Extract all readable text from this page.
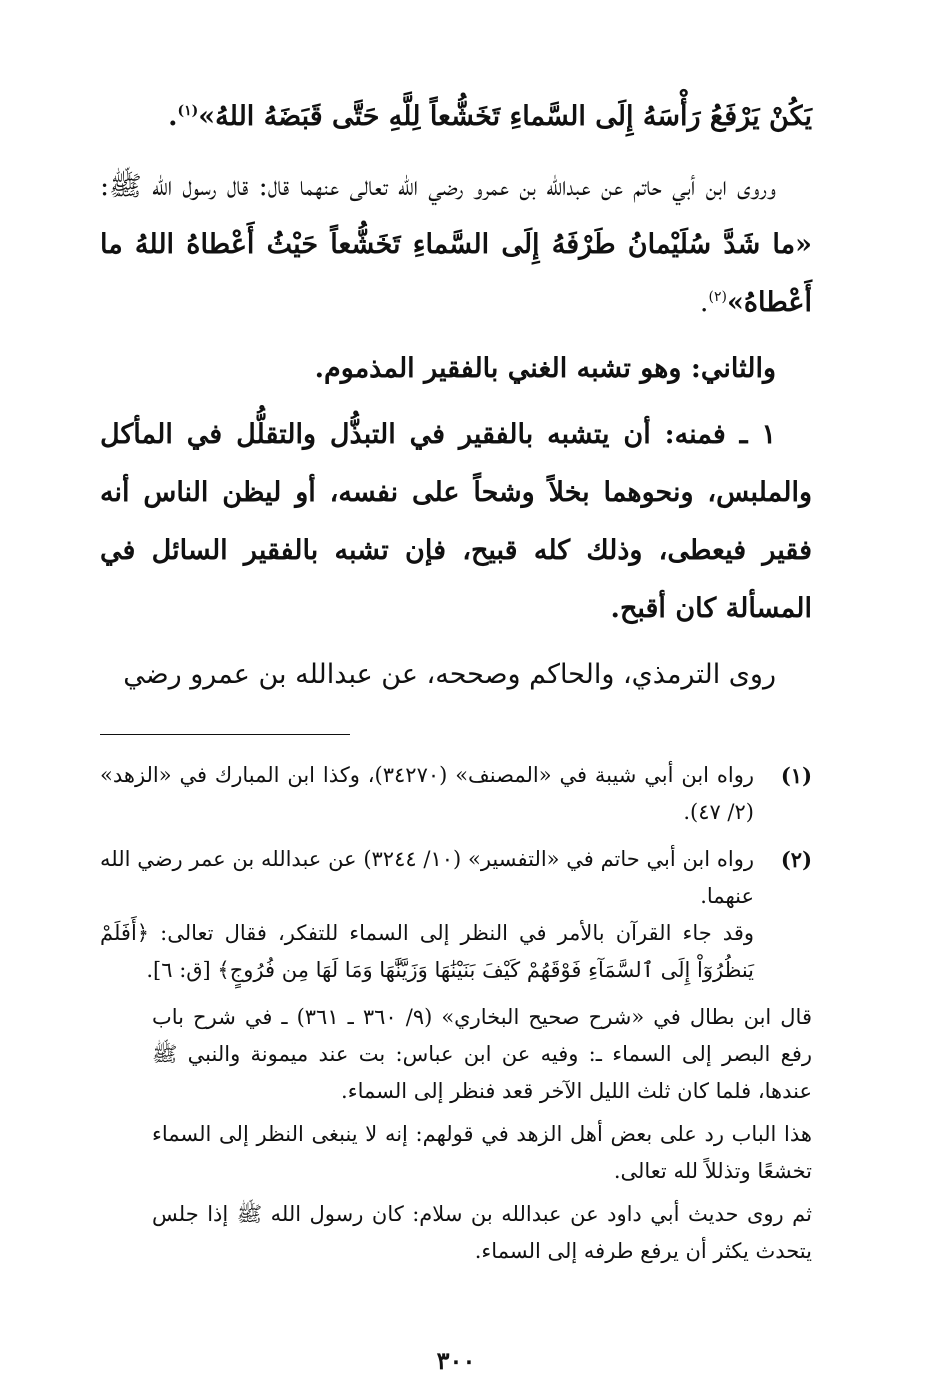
يَكُنْ يَرْفَعُ رَأْسَهُ إِلَى السَّماءِ تَخَشُّعاً لِلَّهِ حَتَّى قَبَضَهُ اللهُ»$^{(١)}$.

وروى ابن أبي حاتم عن عبدالله بن عمرو رضي الله تعالى عنهما قال: قال رسول الله ﷺ: «ما شَدَّ سُلَيْمانُ طَرْفَهُ إِلَى السَّماءِ تَخَشُّعاً حَيْثُ أَعْطاهُ اللهُ ما أَعْطاهُ»$^{(٢)}$.

والثاني: وهو تشبه الغني بالفقير المذموم.

١ ـ فمنه: أن يتشبه بالفقير في التبذُّل والتقلُّل في المأكل والملبس، ونحوهما بخلاً وشحاً على نفسه، أو ليظن الناس أنه فقير فيعطى، وذلك كله قبيح، فإن تشبه بالفقير السائل في المسألة كان أقبح.

روى الترمذي، والحاكم وصححه، عن عبدالله بن عمرو رضي

(١)

رواه ابن أبي شيبة في «المصنف» (٣٤٢٧٠)، وكذا ابن المبارك في «الزهد» (٢/ ٤٧).

(٢)

رواه ابن أبي حاتم في «التفسير» (١٠/ ٣٢٤٤) عن عبدالله بن عمر رضي الله عنهما.

وقد جاء القرآن بالأمر في النظر إلى السماء للتفكر، فقال تعالى: ﴿أَفَلَمْ يَنظُرُوٓاْ إِلَى ٱلسَّمَآءِ فَوْقَهُمْ كَيْفَ بَنَيْنَٰهَا وَزَيَّنَّٰهَا وَمَا لَهَا مِن فُرُوجٍ﴾ [ق: ٦].

قال ابن بطال في «شرح صحيح البخاري» (٩/ ٣٦٠ ـ ٣٦١) ـ في شرح باب رفع البصر إلى السماء ـ: وفيه عن ابن عباس: بت عند ميمونة والنبي ﷺ عندها، فلما كان ثلث الليل الآخر قعد فنظر إلى السماء.

هذا الباب رد على بعض أهل الزهد في قولهم: إنه لا ينبغى النظر إلى السماء تخشعًا وتذللاً لله تعالى.

ثم روى حديث أبي داود عن عبدالله بن سلام: كان رسول الله ﷺ إذا جلس يتحدث يكثر أن يرفع طرفه إلى السماء.

٣٠٠
